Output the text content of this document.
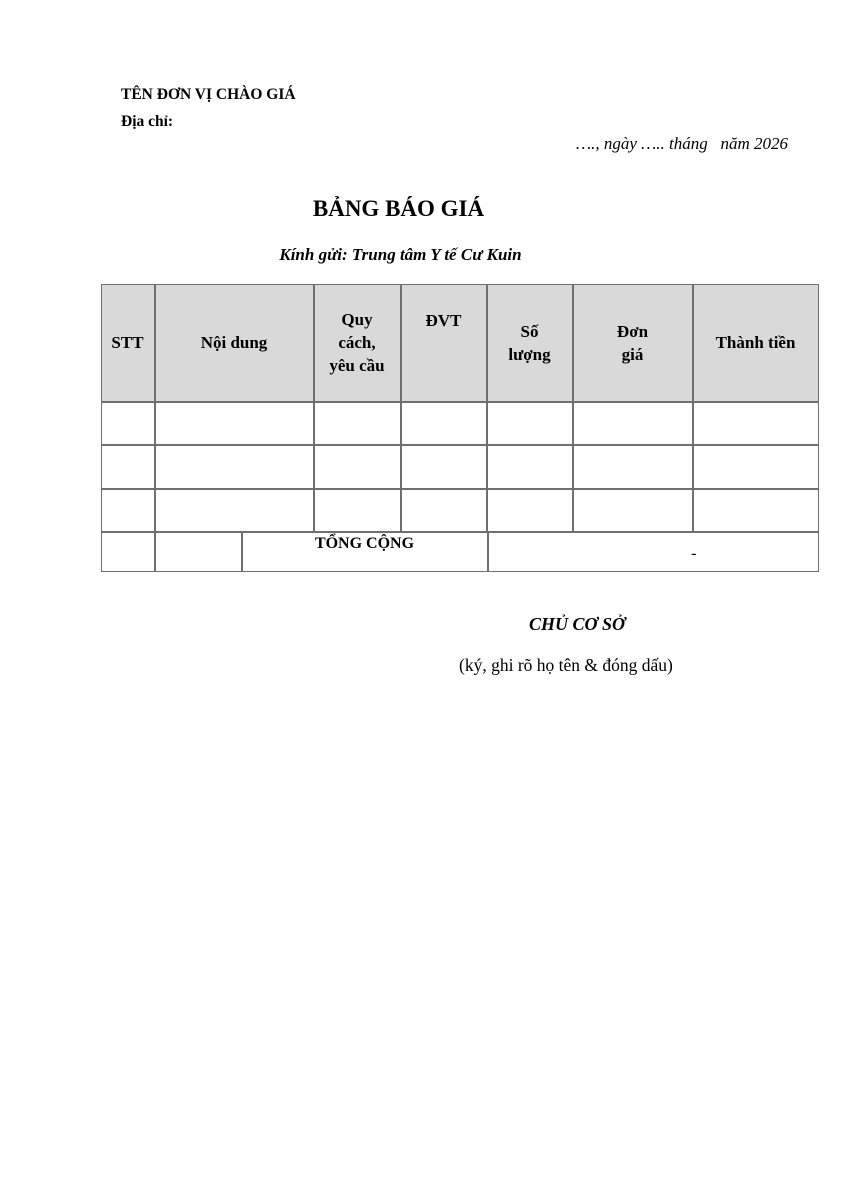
TÊN ĐƠN VỊ CHÀO GIÁ
Địa chỉ:
…., ngày ….. tháng   năm 2026
BẢNG BÁO GIÁ
Kính gửi: Trung tâm Y tế Cư Kuin
STT	Nội dung
Quy
cách,
yêu cầu
ĐVT
Số
lượng
Đơn
giá
Thành tiền
TỔNG CỘNG
-
CHỦ CƠ SỞ
(ký, ghi rõ họ tên & đóng dấu)
